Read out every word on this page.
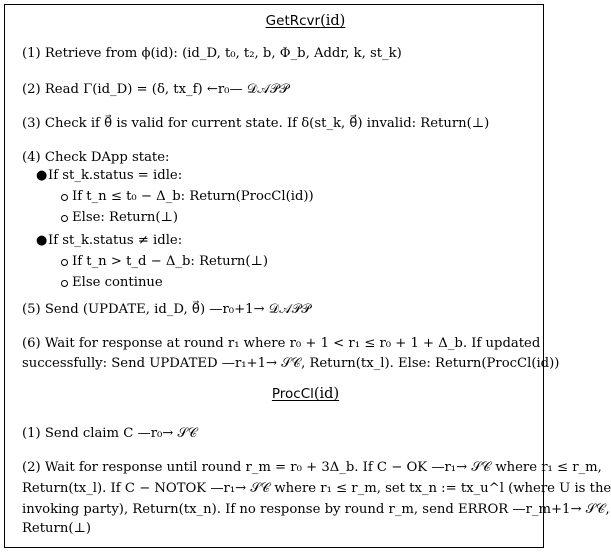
GetRcvr(id)
(1) Retrieve from ϕ(id): (id_D, t₀, t₂, b, Φ_b, Addr, k, st_k)
(2) Read Γ(id_D) = (δ, tx_f) ←r₀— 𝒟𝒜𝒫𝒫
(3) Check if θ⃗ is valid for current state. If δ(st_k, θ⃗) invalid: Return(⊥)
(4) Check DApp state:
● If st_k.status = idle:
If t_n ≤ t₀ − Δ_b: Return(ProcCl(id))
Else: Return(⊥)
● If st_k.status ≠ idle:
If t_n > t_d − Δ_b: Return(⊥)
Else continue
(5) Send (UPDATE, id_D, θ⃗) —r₀+1→ 𝒟𝒜𝒫𝒫
(6) Wait for response at round r₁ where r₀ + 1 < r₁ ≤ r₀ + 1 + Δ_b. If updated
successfully: Send UPDATED —r₁+1→ 𝒮𝒞, Return(tx_l). Else: Return(ProcCl(id))
ProcCl(id)
(1) Send claim C —r₀→ 𝒮𝒞
(2) Wait for response until round r_m = r₀ + 3Δ_b. If C − OK —r₁→ 𝒮𝒞 where r₁ ≤ r_m,
Return(tx_l). If C − NOTOK —r₁→ 𝒮𝒞 where r₁ ≤ r_m, set tx_n := tx_u^l (where U is the
invoking party), Return(tx_n). If no response by round r_m, send ERROR —r_m+1→ 𝒮𝒞,
Return(⊥)
